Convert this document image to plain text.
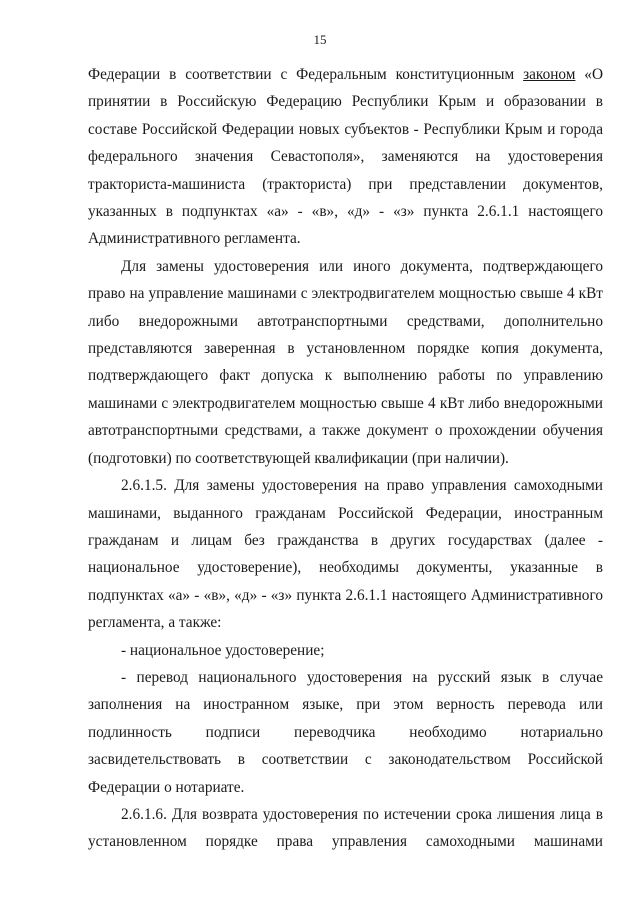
15

Федерации в соответствии с Федеральным конституционным законом «О принятии в Российскую Федерацию Республики Крым и образовании в составе Российской Федерации новых субъектов - Республики Крым и города федерального значения Севастополя», заменяются на удостоверения тракториста-машиниста (тракториста) при представлении документов, указанных в подпунктах «а» - «в», «д» - «з» пункта 2.6.1.1 настоящего Административного регламента.

Для замены удостоверения или иного документа, подтверждающего право на управление машинами с электродвигателем мощностью свыше 4 кВт либо внедорожными автотранспортными средствами, дополнительно представляются заверенная в установленном порядке копия документа, подтверждающего факт допуска к выполнению работы по управлению машинами с электродвигателем мощностью свыше 4 кВт либо внедорожными автотранспортными средствами, а также документ о прохождении обучения (подготовки) по соответствующей квалификации (при наличии).

2.6.1.5. Для замены удостоверения на право управления самоходными машинами, выданного гражданам Российской Федерации, иностранным гражданам и лицам без гражданства в других государствах (далее - национальное удостоверение), необходимы документы, указанные в подпунктах «а» - «в», «д» - «з» пункта 2.6.1.1 настоящего Административного регламента, а также:

- национальное удостоверение;

- перевод национального удостоверения на русский язык в случае заполнения на иностранном языке, при этом верность перевода или подлинность подписи переводчика необходимо нотариально засвидетельствовать в соответствии с законодательством Российской Федерации о нотариате.

2.6.1.6. Для возврата удостоверения по истечении срока лишения лица в установленном порядке права управления самоходными машинами
